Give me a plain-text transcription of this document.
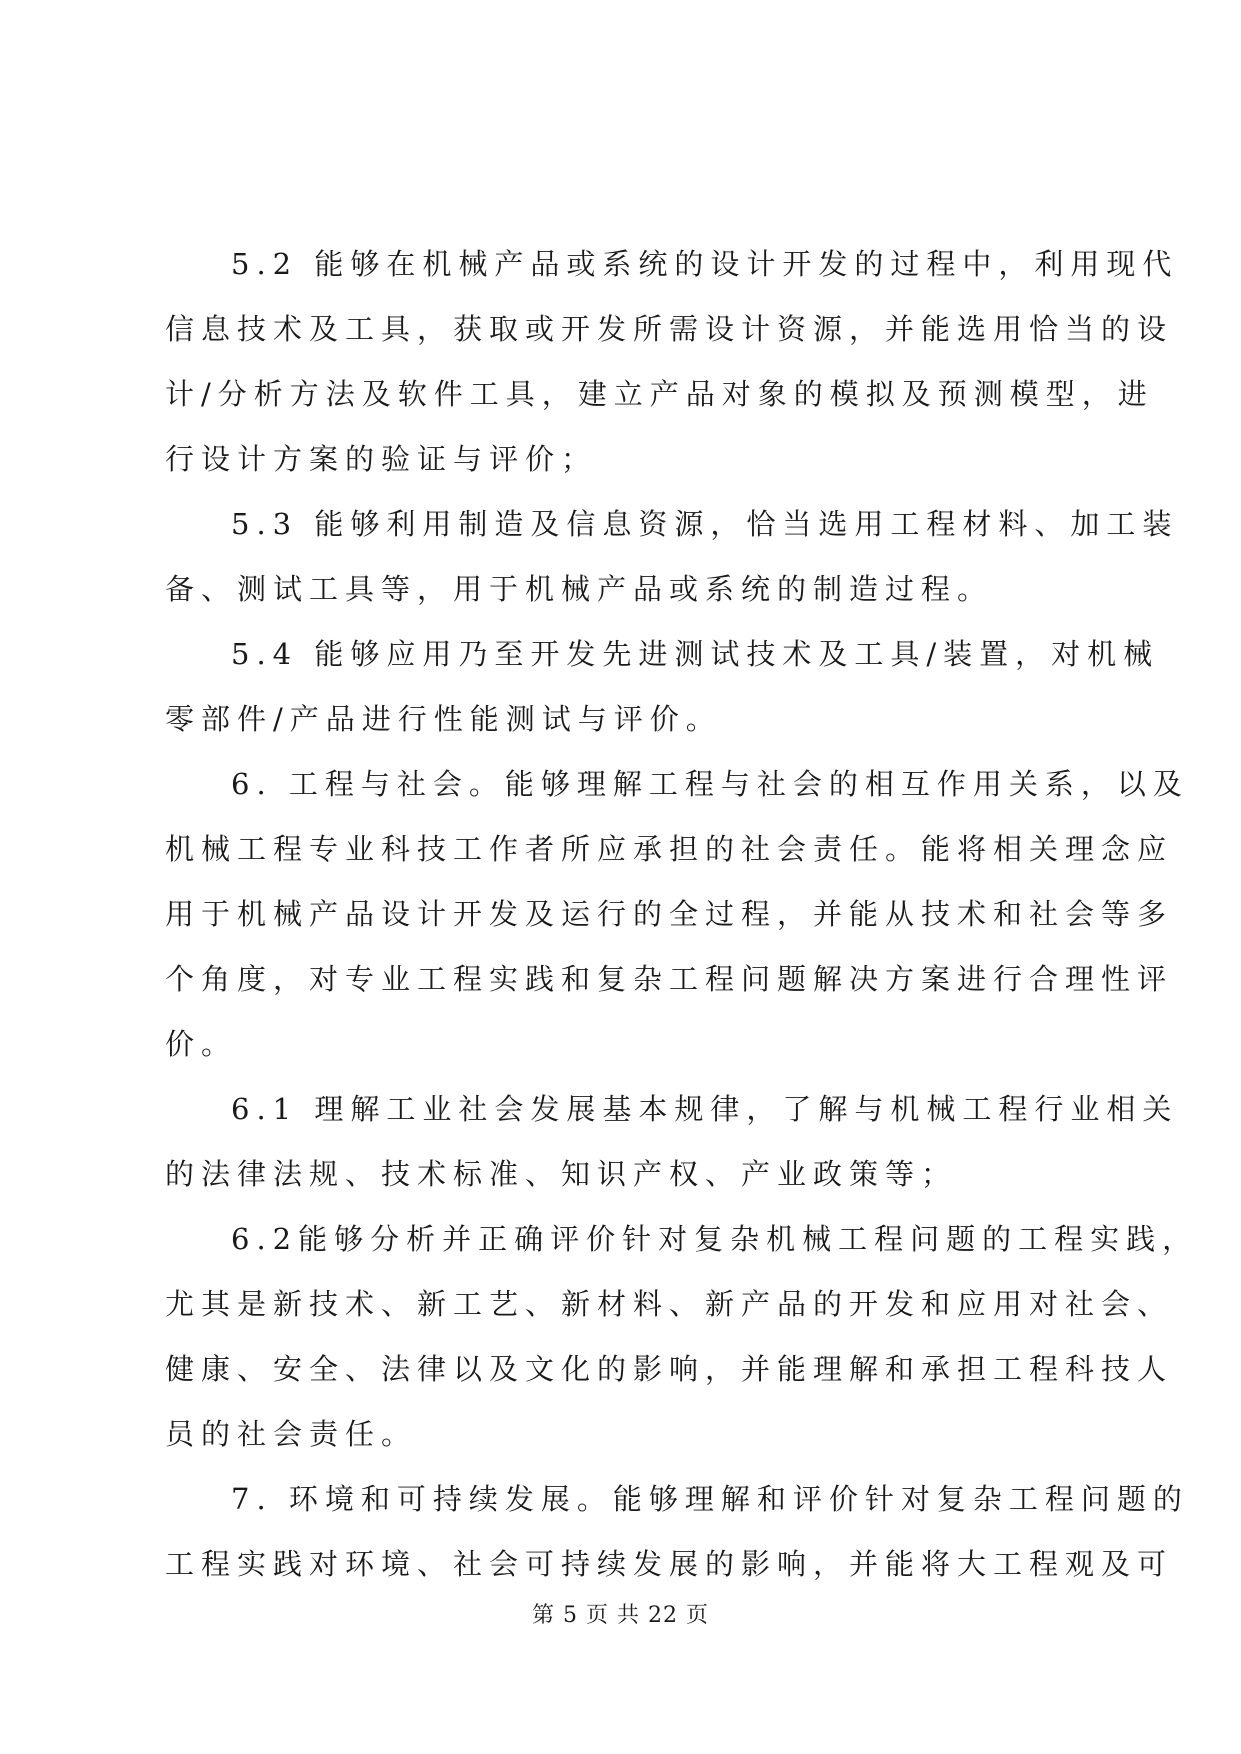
5.2 能够在机械产品或系统的设计开发的过程中，利用现代
信息技术及工具，获取或开发所需设计资源，并能选用恰当的设
计/分析方法及软件工具，建立产品对象的模拟及预测模型，进
行设计方案的验证与评价；
5.3 能够利用制造及信息资源，恰当选用工程材料、加工装
备、测试工具等，用于机械产品或系统的制造过程。
5.4 能够应用乃至开发先进测试技术及工具/装置，对机械
零部件/产品进行性能测试与评价。
6. 工程与社会。能够理解工程与社会的相互作用关系，以及
机械工程专业科技工作者所应承担的社会责任。能将相关理念应
用于机械产品设计开发及运行的全过程，并能从技术和社会等多
个角度，对专业工程实践和复杂工程问题解决方案进行合理性评
价。
6.1 理解工业社会发展基本规律，了解与机械工程行业相关
的法律法规、技术标准、知识产权、产业政策等；
6.2能够分析并正确评价针对复杂机械工程问题的工程实践，
尤其是新技术、新工艺、新材料、新产品的开发和应用对社会、
健康、安全、法律以及文化的影响，并能理解和承担工程科技人
员的社会责任。
7. 环境和可持续发展。能够理解和评价针对复杂工程问题的
工程实践对环境、社会可持续发展的影响，并能将大工程观及可
第 5 页 共 22 页
